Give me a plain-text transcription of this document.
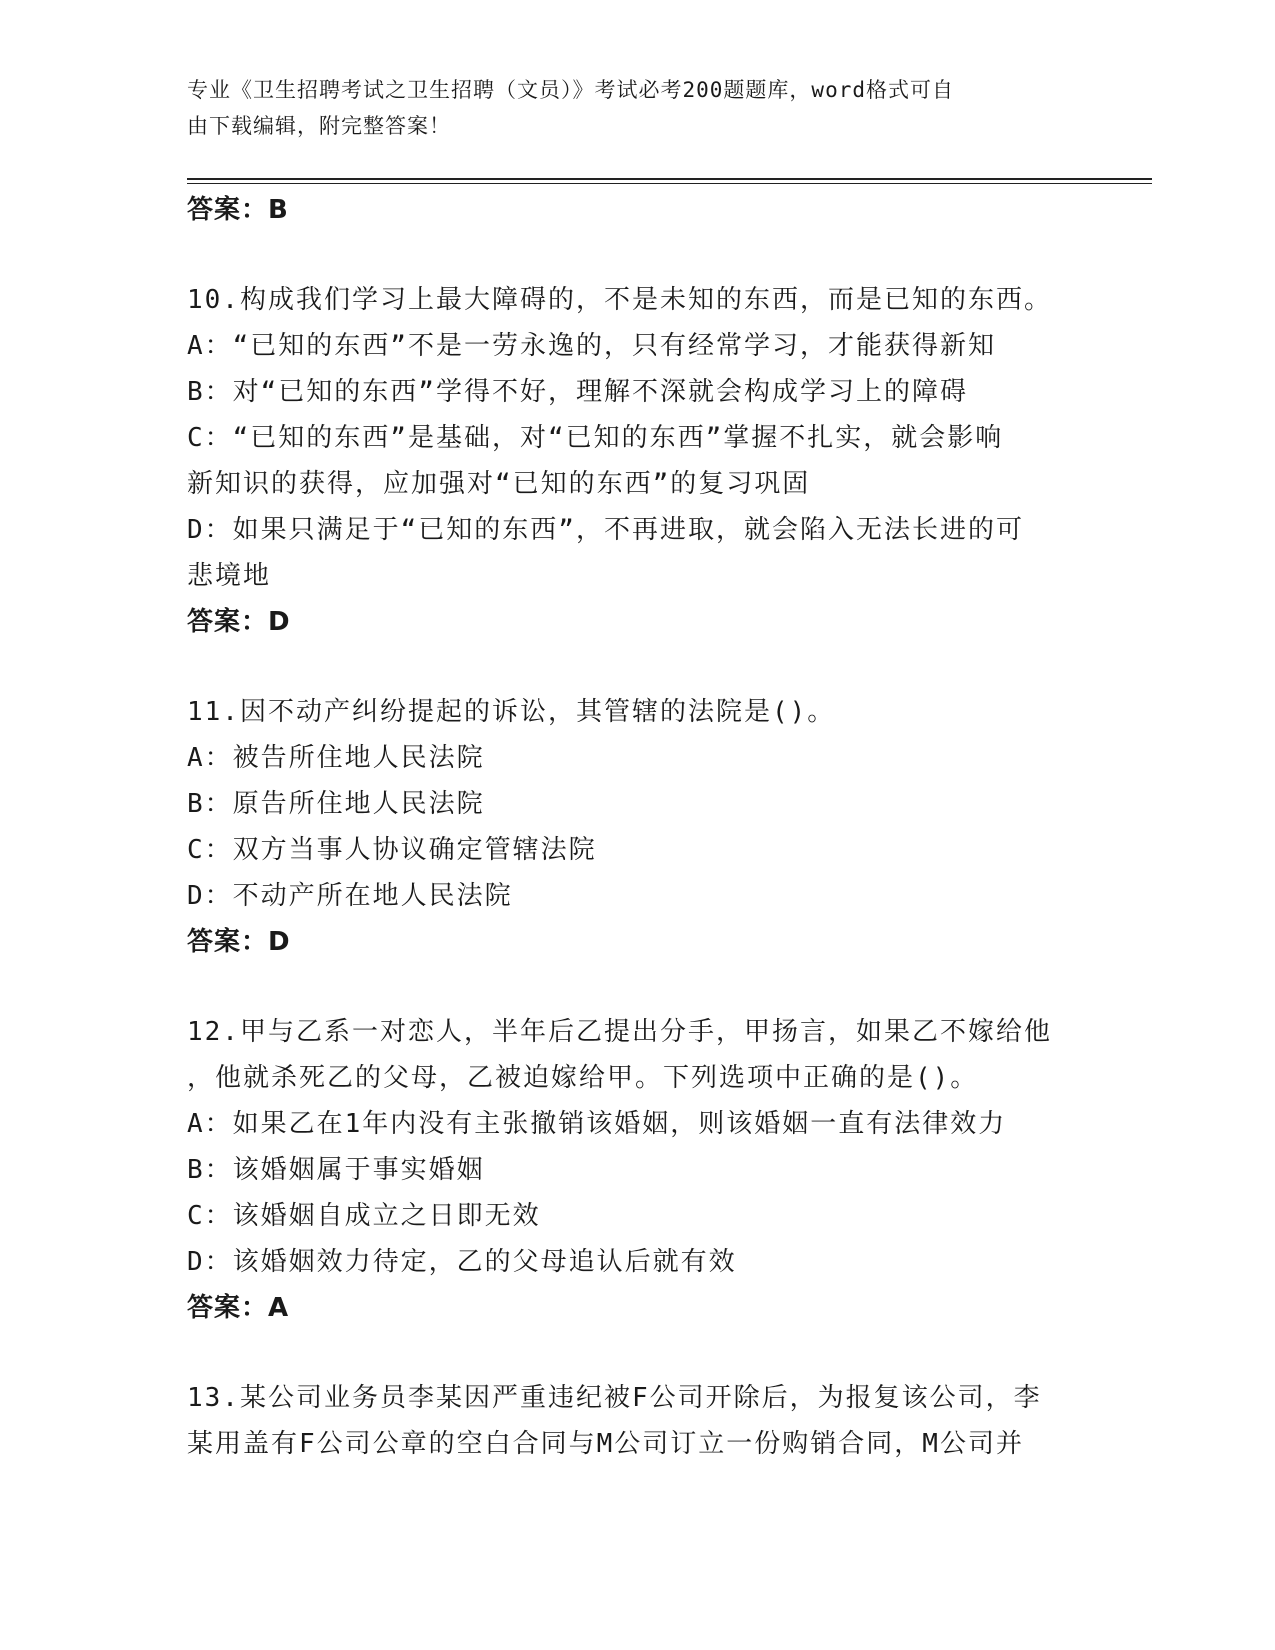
专业《卫生招聘考试之卫生招聘（文员）》考试必考200题题库，word格式可自
由下载编辑，附完整答案！
答案：B
10.构成我们学习上最大障碍的，不是未知的东西，而是已知的东西。
A：“已知的东西”不是一劳永逸的，只有经常学习，才能获得新知
B：对“已知的东西”学得不好，理解不深就会构成学习上的障碍
C：“已知的东西”是基础，对“已知的东西”掌握不扎实，就会影响
新知识的获得，应加强对“已知的东西”的复习巩固
D：如果只满足于“已知的东西”，不再进取，就会陷入无法长进的可
悲境地
答案：D
11.因不动产纠纷提起的诉讼，其管辖的法院是()。
A：被告所住地人民法院
B：原告所住地人民法院
C：双方当事人协议确定管辖法院
D：不动产所在地人民法院
答案：D
12.甲与乙系一对恋人，半年后乙提出分手，甲扬言，如果乙不嫁给他
，他就杀死乙的父母，乙被迫嫁给甲。下列选项中正确的是()。
A：如果乙在1年内没有主张撤销该婚姻，则该婚姻一直有法律效力
B：该婚姻属于事实婚姻
C：该婚姻自成立之日即无效
D：该婚姻效力待定，乙的父母追认后就有效
答案：A
13.某公司业务员李某因严重违纪被F公司开除后，为报复该公司，李
某用盖有F公司公章的空白合同与M公司订立一份购销合同，M公司并
